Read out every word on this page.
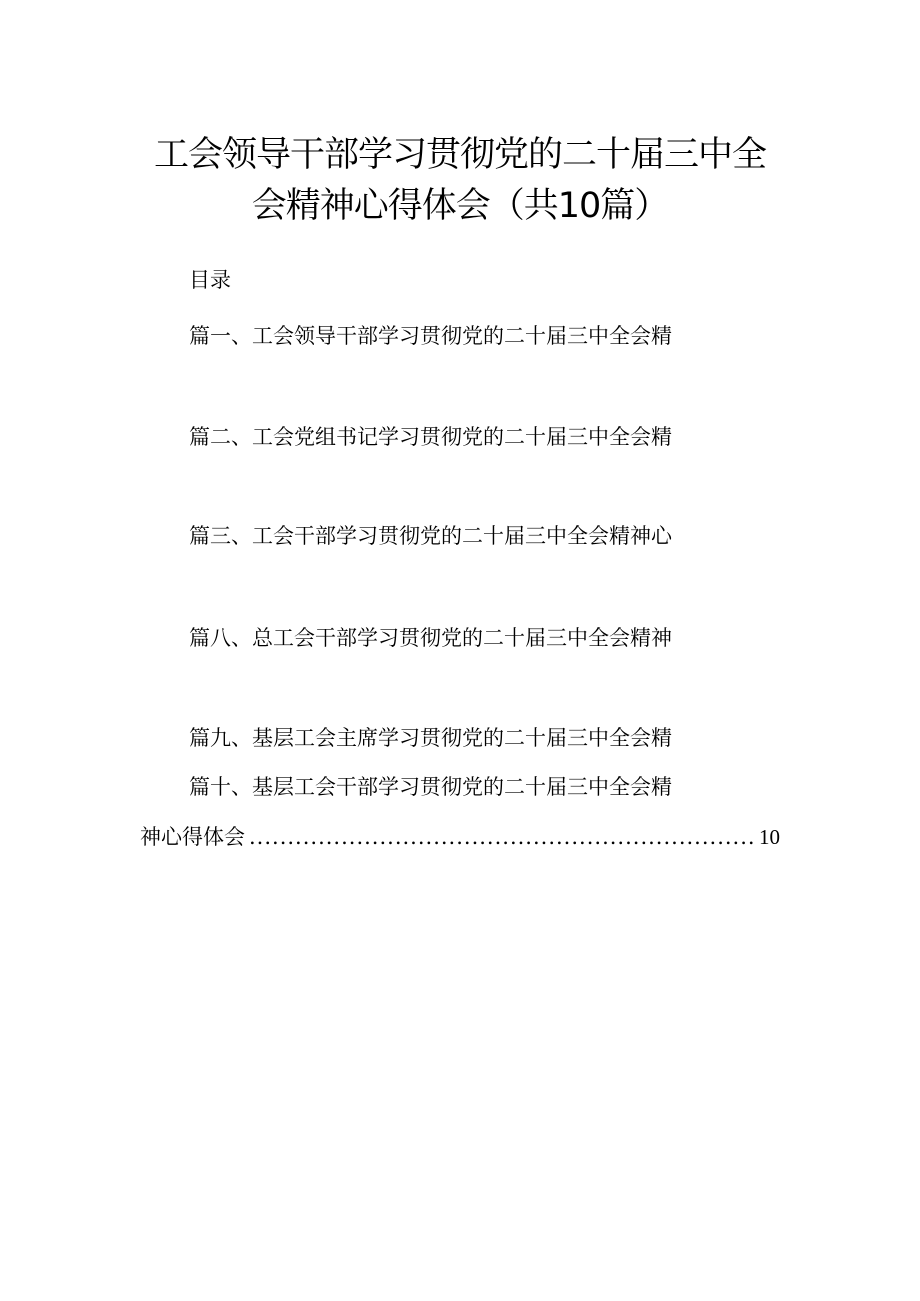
工会领导干部学习贯彻党的二十届三中全
会精神心得体会（共10篇）
目录
篇一、工会领导干部学习贯彻党的二十届三中全会精
篇二、工会党组书记学习贯彻党的二十届三中全会精
篇三、工会干部学习贯彻党的二十届三中全会精神心
篇八、总工会干部学习贯彻党的二十届三中全会精神
篇九、基层工会主席学习贯彻党的二十届三中全会精
篇十、基层工会干部学习贯彻党的二十届三中全会精
神心得体会
.....	10
